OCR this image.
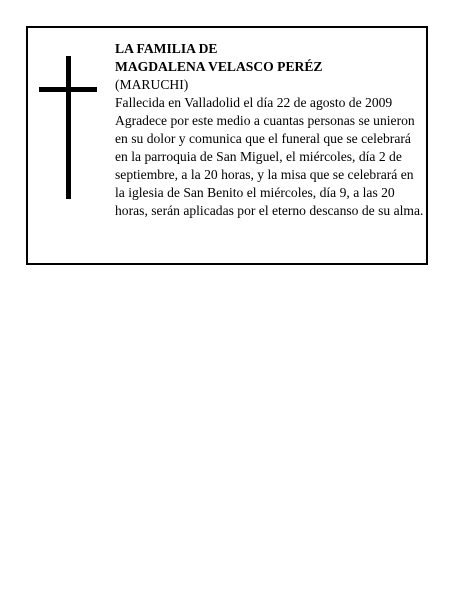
LA FAMILIA DE

MAGDALENA VELASCO PERÉZ

(MARUCHI)

Fallecida en Valladolid el día 22 de agosto de 2009

Agradece por este medio a cuantas personas se unieron

en su dolor y comunica que el funeral que se celebrará

en la parroquia de San Miguel, el miércoles, día 2 de

septiembre, a la 20 horas, y la misa que se celebrará en

la iglesia de San Benito el miércoles, día 9, a las 20

horas, serán aplicadas por el eterno descanso de su alma.
